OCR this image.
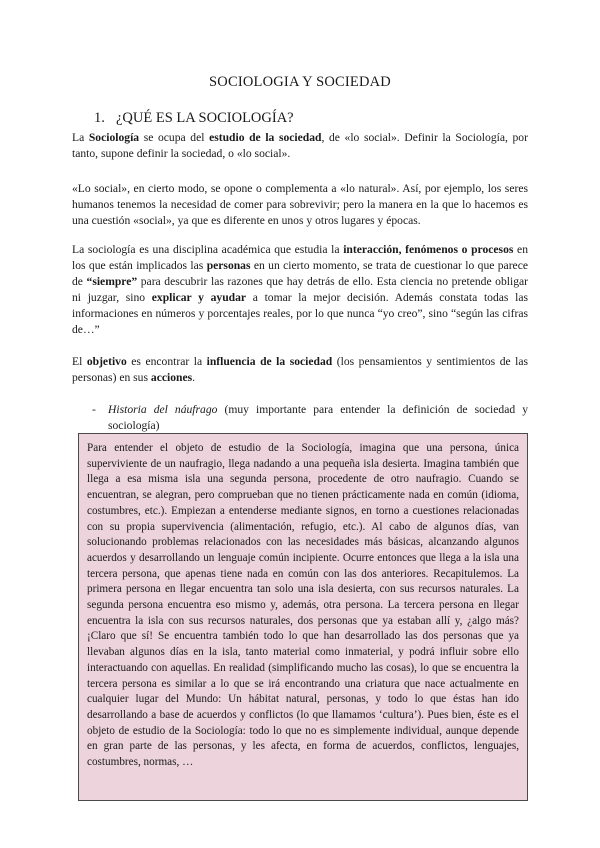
SOCIOLOGIA Y SOCIEDAD
1. ¿QUÉ ES LA SOCIOLOGÍA?

La Sociología se ocupa del estudio de la sociedad, de «lo social». Definir la Sociología, por tanto, supone definir la sociedad, o «lo social».

«Lo social», en cierto modo, se opone o complementa a «lo natural». Así, por ejemplo, los seres humanos tenemos la necesidad de comer para sobrevivir; pero la manera en la que lo hacemos es una cuestión «social», ya que es diferente en unos y otros lugares y épocas.

La sociología es una disciplina académica que estudia la interacción, fenómenos o procesos en los que están implicados las personas en un cierto momento, se trata de cuestionar lo que parece de “siempre” para descubrir las razones que hay detrás de ello. Esta ciencia no pretende obligar ni juzgar, sino explicar y ayudar a tomar la mejor decisión. Además constata todas las informaciones en números y porcentajes reales, por lo que nunca “yo creo”, sino “según las cifras de…”

El objetivo es encontrar la influencia de la sociedad (los pensamientos y sentimientos de las personas) en sus acciones.

- Historia del náufrago (muy importante para entender la definición de sociedad y sociología)

Para entender el objeto de estudio de la Sociología, imagina que una persona, única superviviente de un naufragio, llega nadando a una pequeña isla desierta. Imagina también que llega a esa misma isla una segunda persona, procedente de otro naufragio. Cuando se encuentran, se alegran, pero comprueban que no tienen prácticamente nada en común (idioma, costumbres, etc.). Empiezan a entenderse mediante signos, en torno a cuestiones relacionadas con su propia supervivencia (alimentación, refugio, etc.). Al cabo de algunos días, van solucionando problemas relacionados con las necesidades más básicas, alcanzando algunos acuerdos y desarrollando un lenguaje común incipiente. Ocurre entonces que llega a la isla una tercera persona, que apenas tiene nada en común con las dos anteriores. Recapitulemos. La primera persona en llegar encuentra tan solo una isla desierta, con sus recursos naturales. La segunda persona encuentra eso mismo y, además, otra persona. La tercera persona en llegar encuentra la isla con sus recursos naturales, dos personas que ya estaban allí y, ¿algo más? ¡Claro que sí! Se encuentra también todo lo que han desarrollado las dos personas que ya llevaban algunos días en la isla, tanto material como inmaterial, y podrá influir sobre ello interactuando con aquellas. En realidad (simplificando mucho las cosas), lo que se encuentra la tercera persona es similar a lo que se irá encontrando una criatura que nace actualmente en cualquier lugar del Mundo: Un hábitat natural, personas, y todo lo que éstas han ido desarrollando a base de acuerdos y conflictos (lo que llamamos ‘cultura’). Pues bien, éste es el objeto de estudio de la Sociología: todo lo que no es simplemente individual, aunque depende en gran parte de las personas, y les afecta, en forma de acuerdos, conflictos, lenguajes, costumbres, normas, …
